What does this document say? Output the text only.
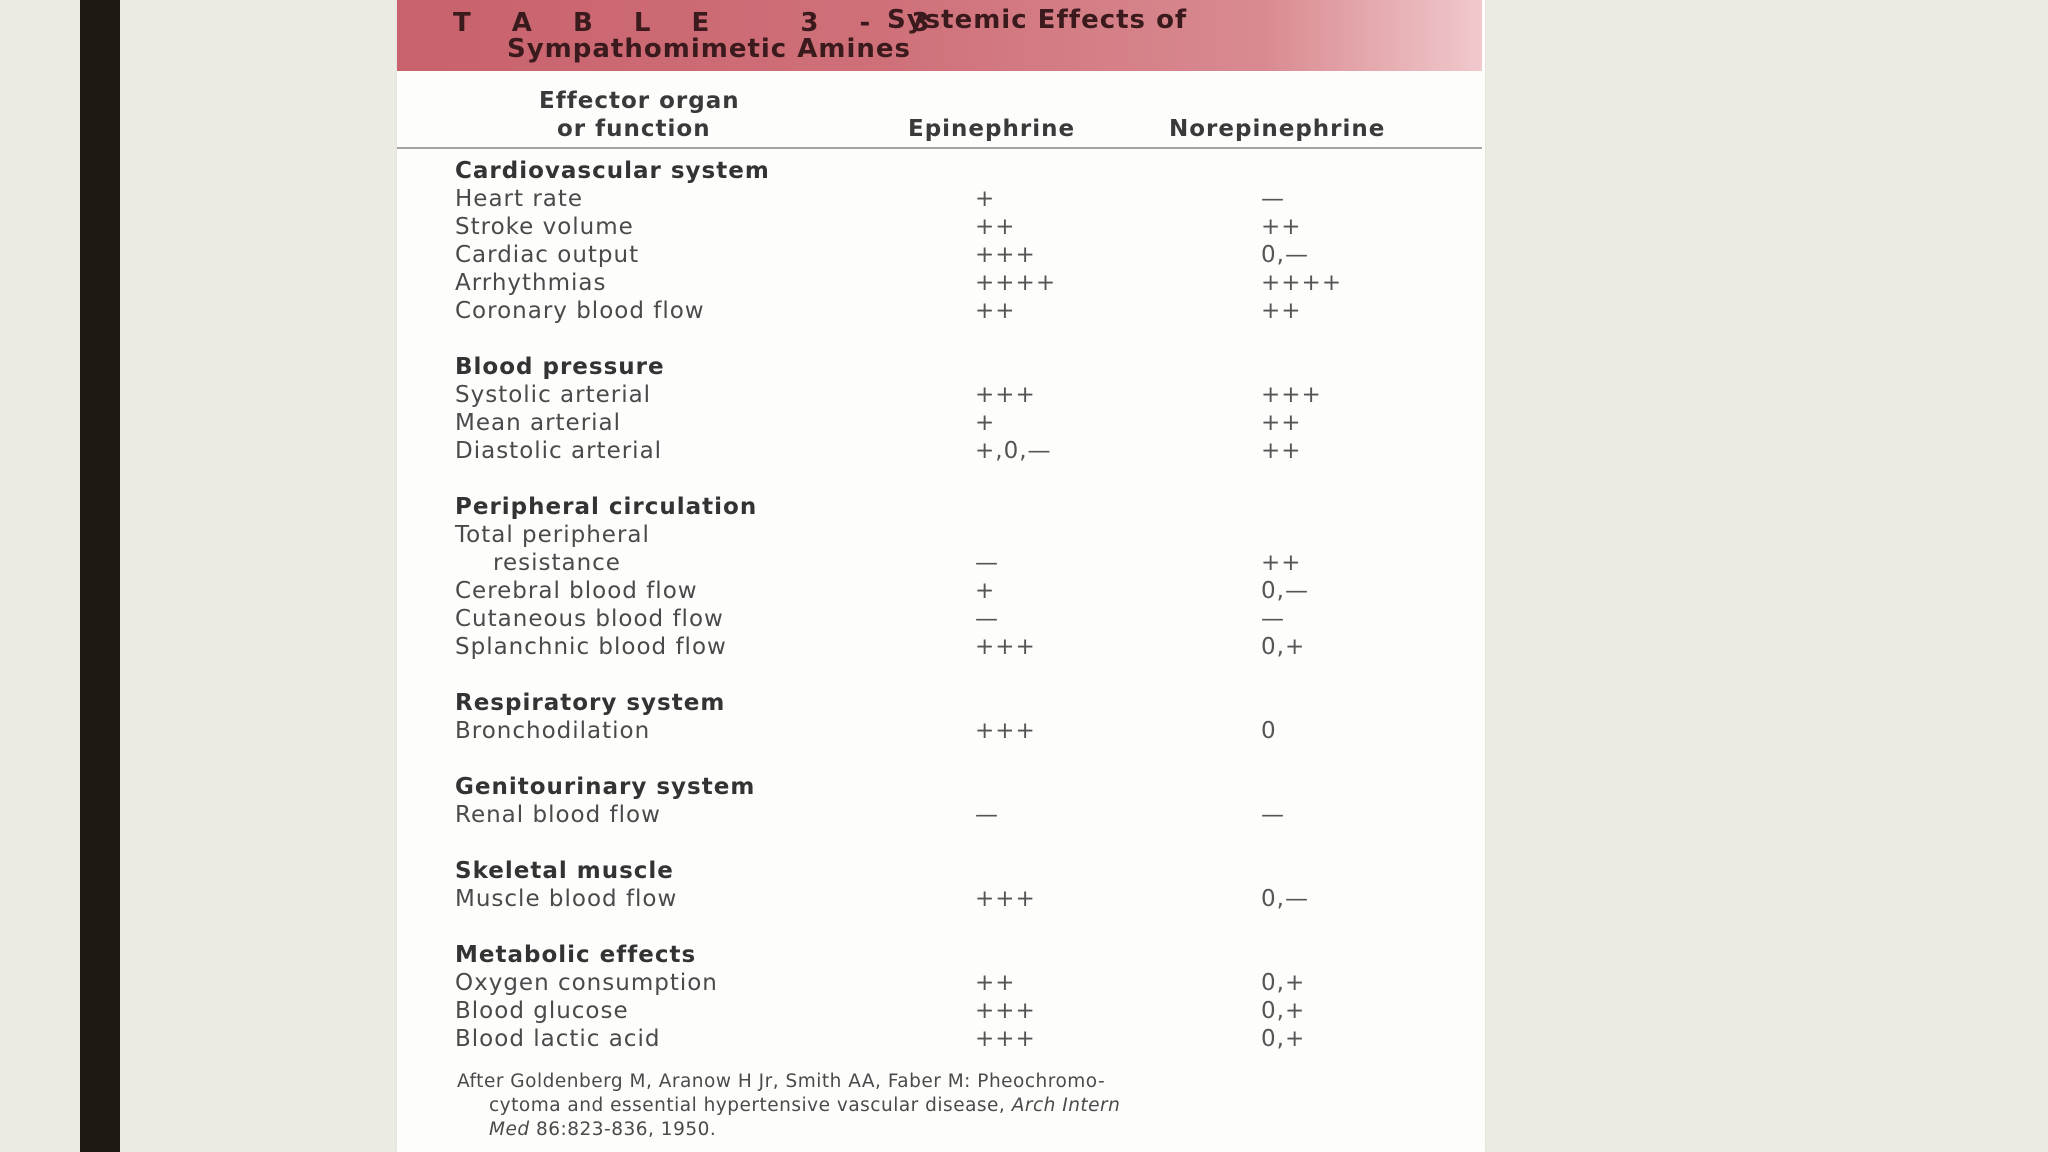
T A B L E   3 - 3
Systemic Effects of
Sympathomimetic Amines
Effector organ
or function	Epinephrine	Norepinephrine
After Goldenberg M, Aranow H Jr, Smith AA, Faber M: Pheochromo-
cytoma and essential hypertensive vascular disease, Arch Intern
Med 86:823-836, 1950.
Cardiovascular system
Heart rate	+	—
Stroke volume	++	++
Cardiac output	+++	0,—
Arrhythmias	++++	++++
Coronary blood flow	++	++
Blood pressure
Systolic arterial	+++	+++
Mean arterial	+	++
Diastolic arterial	+,0,—	++
Peripheral circulation
Total peripheral
resistance	—	++
Cerebral blood flow	+	0,—
Cutaneous blood flow	—	—
Splanchnic blood flow	+++	0,+
Respiratory system
Bronchodilation	+++	0
Genitourinary system
Renal blood flow	—	—
Skeletal muscle
Muscle blood flow	+++	0,—
Metabolic effects
Oxygen consumption	++	0,+
Blood glucose	+++	0,+
Blood lactic acid	+++	0,+
